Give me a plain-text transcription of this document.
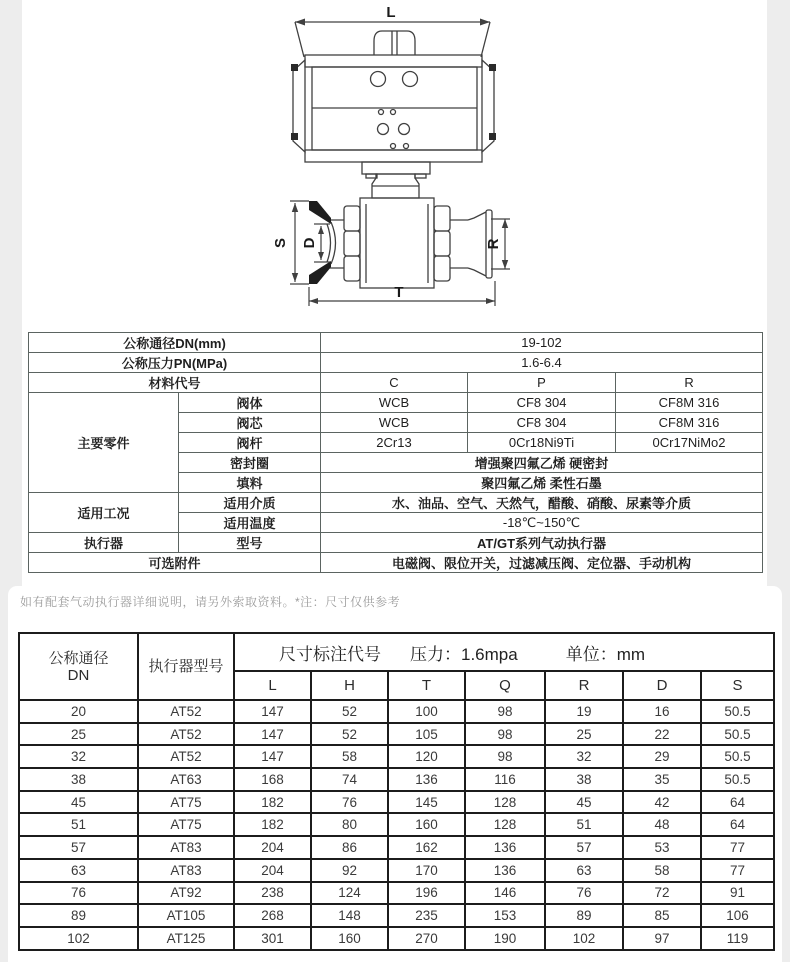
L
S D	R
T
公称通径DN(mm)		19-102		
公称压力PN(MPa)		1.6-6.4		
材料代号		C	P	R
主要零件	阀体	WCB	CF8 304	CF8M 316
	阀芯	WCB	CF8 304	CF8M 316
	阀杆	2Cr13	0Cr18Ni9Ti	0Cr17NiMo2
	密封圈	增强聚四氟乙烯 硬密封		
	填料	聚四氟乙烯 柔性石墨		
适用工况	适用介质	水、油品、空气、天然气，醋酸、硝酸、尿素等介质		
	适用温度	-18℃~150℃		
执行器	型号	AT/GT系列气动执行器		
可选附件		电磁阀、限位开关，过滤减压阀、定位器、手动机构		
如有配套气动执行器详细说明，请另外索取资料。*注：尺寸仅供参考
公称通径
DN	执行器型号	
尺寸标注代号 压力：1.6mpa	单位：mm

		L	H	T	Q	R	D	S
20	AT52	147	52	100	98	19	16	50.5
25	AT52	147	52	105	98	25	22	50.5
32	AT52	147	58	120	98	32	29	50.5
38	AT63	168	74	136	116	38	35	50.5
45	AT75	182	76	145	128	45	42	64
51	AT75	182	80	160	128	51	48	64
57	AT83	204	86	162	136	57	53	77
63	AT83	204	92	170	136	63	58	77
76	AT92	238	124	196	146	76	72	91
89	AT105	268	148	235	153	89	85	106
102	AT125	301	160	270	190	102	97	119
